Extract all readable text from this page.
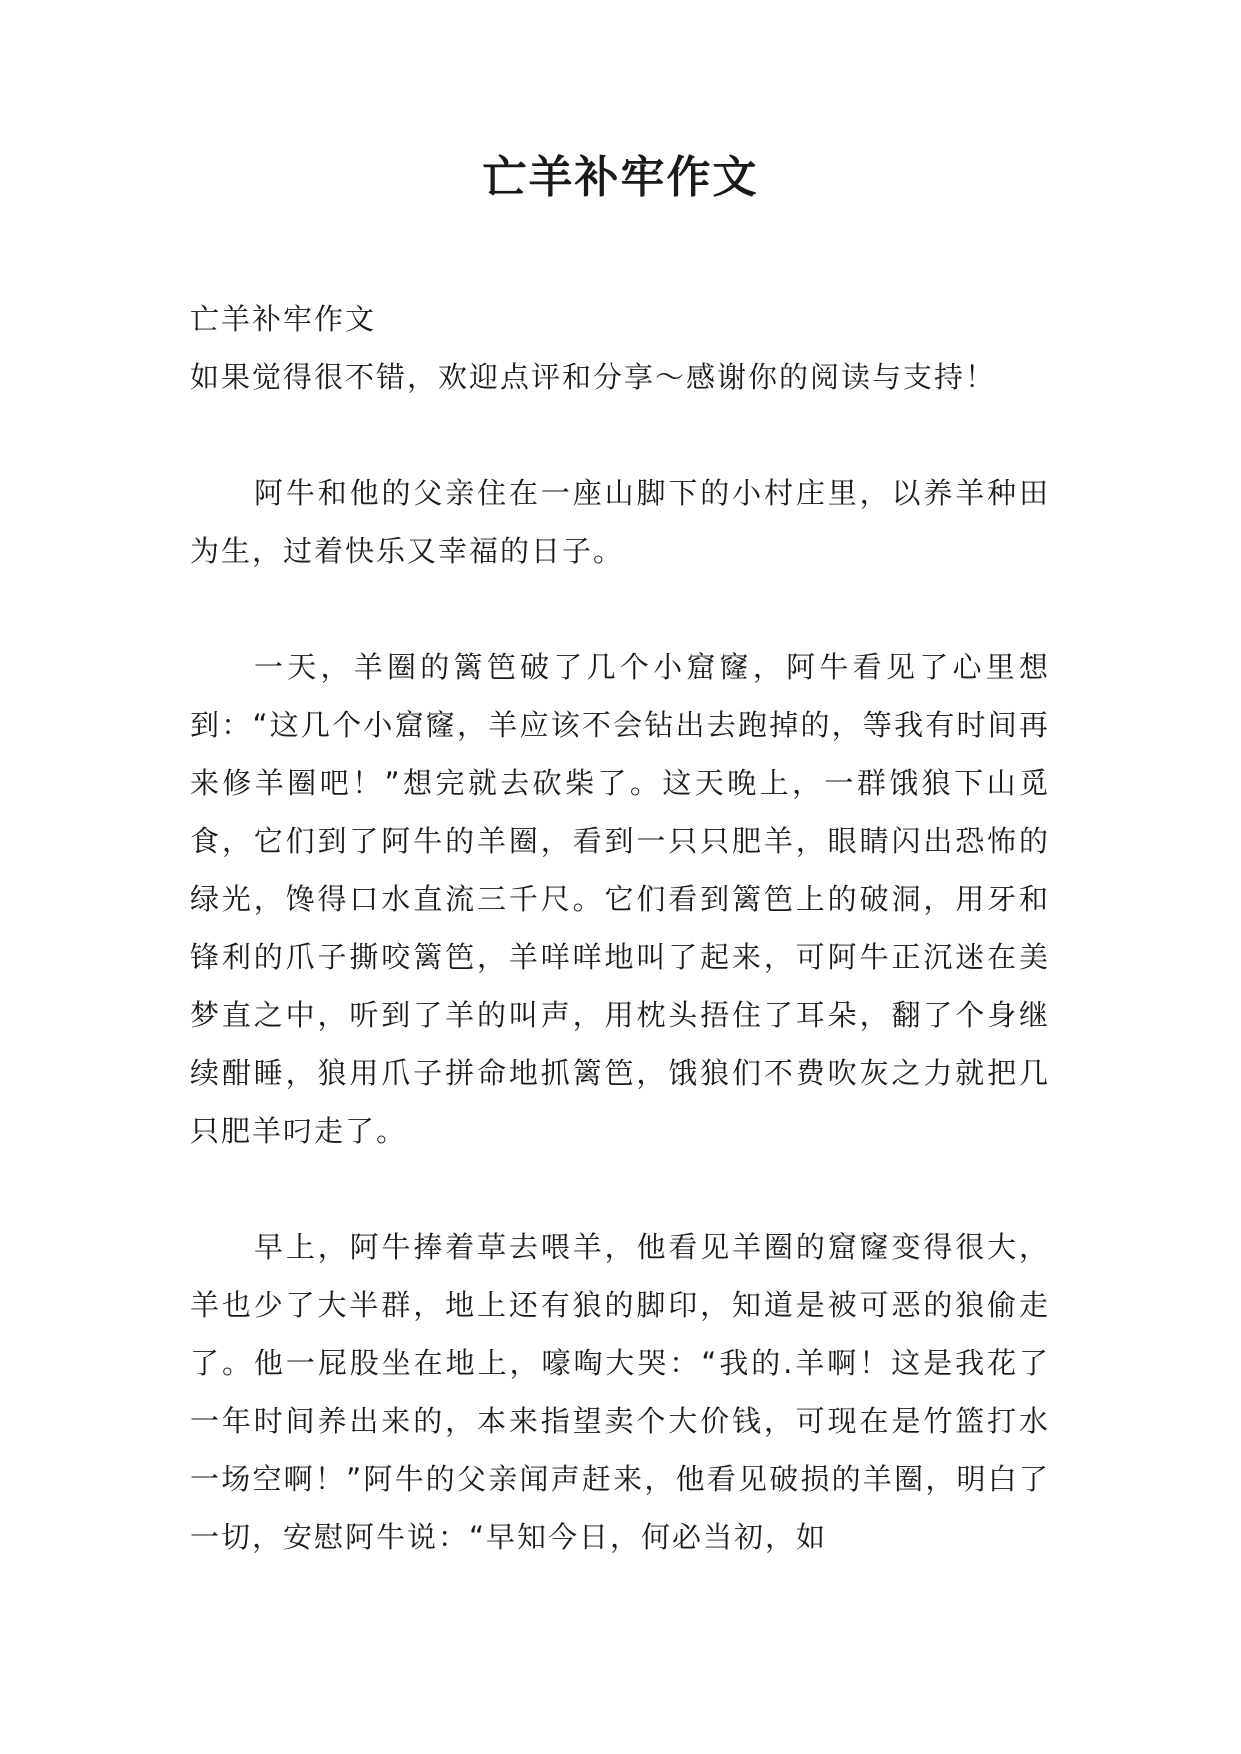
亡羊补牢作文

亡羊补牢作文

如果觉得很不错，欢迎点评和分享～感谢你的阅读与支持！

阿牛和他的父亲住在一座山脚下的小村庄里，以养羊种田为生，过着快乐又幸福的日子。

一天，羊圈的篱笆破了几个小窟窿，阿牛看见了心里想到：“这几个小窟窿，羊应该不会钻出去跑掉的，等我有时间再来修羊圈吧！”想完就去砍柴了。这天晚上，一群饿狼下山觅食，它们到了阿牛的羊圈，看到一只只肥羊，眼睛闪出恐怖的绿光，馋得口水直流三千尺。它们看到篱笆上的破洞，用牙和锋利的爪子撕咬篱笆，羊咩咩地叫了起来，可阿牛正沉迷在美梦直之中，听到了羊的叫声，用枕头捂住了耳朵，翻了个身继续酣睡，狼用爪子拼命地抓篱笆，饿狼们不费吹灰之力就把几只肥羊叼走了。

早上，阿牛捧着草去喂羊，他看见羊圈的窟窿变得很大，羊也少了大半群，地上还有狼的脚印，知道是被可恶的狼偷走了。他一屁股坐在地上，嚎啕大哭：“我的.羊啊！这是我花了一年时间养出来的，本来指望卖个大价钱，可现在是竹篮打水一场空啊！”阿牛的父亲闻声赶来，他看见破损的羊圈，明白了一切，安慰阿牛说：“早知今日，何必当初，如
